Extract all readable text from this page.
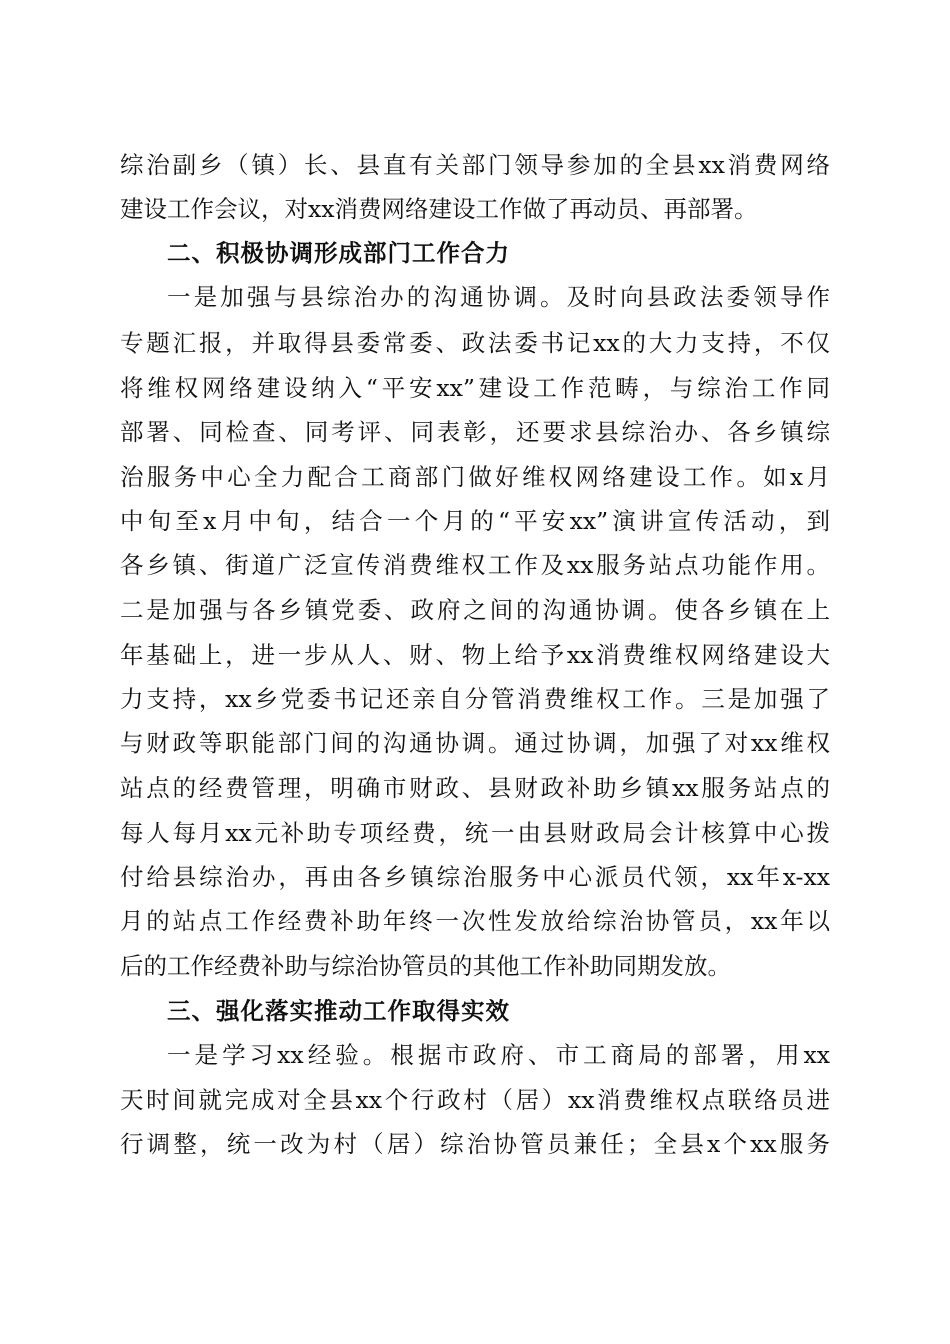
综治副乡（镇）长、县直有关部门领导参加的全县xx消费网络
建设工作会议，对xx消费网络建设工作做了再动员、再部署。
二、积极协调形成部门工作合力
一是加强与县综治办的沟通协调。及时向县政法委领导作
专题汇报，并取得县委常委、政法委书记xx的大力支持，不仅
将维权网络建设纳入“平安xx”建设工作范畴，与综治工作同
部署、同检查、同考评、同表彰，还要求县综治办、各乡镇综
治服务中心全力配合工商部门做好维权网络建设工作。如x月
中旬至x月中旬，结合一个月的“平安xx”演讲宣传活动，到
各乡镇、街道广泛宣传消费维权工作及xx服务站点功能作用。
二是加强与各乡镇党委、政府之间的沟通协调。使各乡镇在上
年基础上，进一步从人、财、物上给予xx消费维权网络建设大
力支持，xx乡党委书记还亲自分管消费维权工作。三是加强了
与财政等职能部门间的沟通协调。通过协调，加强了对xx维权
站点的经费管理，明确市财政、县财政补助乡镇xx服务站点的
每人每月xx元补助专项经费，统一由县财政局会计核算中心拨
付给县综治办，再由各乡镇综治服务中心派员代领，xx年x-xx
月的站点工作经费补助年终一次性发放给综治协管员，xx年以
后的工作经费补助与综治协管员的其他工作补助同期发放。
三、强化落实推动工作取得实效
一是学习xx经验。根据市政府、市工商局的部署，用xx
天时间就完成对全县xx个行政村（居）xx消费维权点联络员进
行调整，统一改为村（居）综治协管员兼任；全县x个xx服务
